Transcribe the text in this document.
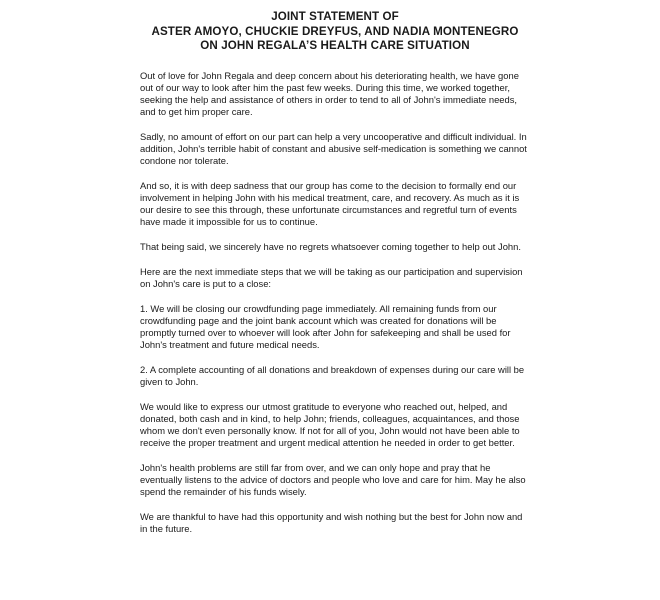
JOINT STATEMENT OF
ASTER AMOYO, CHUCKIE DREYFUS, AND NADIA MONTENEGRO
ON JOHN REGALA’S HEALTH CARE SITUATION

Out of love for John Regala and deep concern about his deteriorating health, we have gone out of our way to look after him the past few weeks. During this time, we worked together, seeking the help and assistance of others in order to tend to all of John's immediate needs, and to get him proper care.

Sadly, no amount of effort on our part can help a very uncooperative and difficult individual. In addition, John's terrible habit of constant and abusive self-medication is something we cannot condone nor tolerate.

And so, it is with deep sadness that our group has come to the decision to formally end our involvement in helping John with his medical treatment, care, and recovery. As much as it is our desire to see this through, these unfortunate circumstances and regretful turn of events have made it impossible for us to continue.

That being said, we sincerely have no regrets whatsoever coming together to help out John.

Here are the next immediate steps that we will be taking as our participation and supervision on John's care is put to a close:

1. We will be closing our crowdfunding page immediately. All remaining funds from our crowdfunding page and the joint bank account which was created for donations will be promptly turned over to whoever will look after John for safekeeping and shall be used for John's treatment and future medical needs.

2. A complete accounting of all donations and breakdown of expenses during our care will be given to John.

We would like to express our utmost gratitude to everyone who reached out, helped, and donated, both cash and in kind, to help John; friends, colleagues, acquaintances, and those whom we don't even personally know. If not for all of you, John would not have been able to receive the proper treatment and urgent medical attention he needed in order to get better.

John's health problems are still far from over, and we can only hope and pray that he eventually listens to the advice of doctors and people who love and care for him. May he also spend the remainder of his funds wisely.

We are thankful to have had this opportunity and wish nothing but the best for John now and in the future.
